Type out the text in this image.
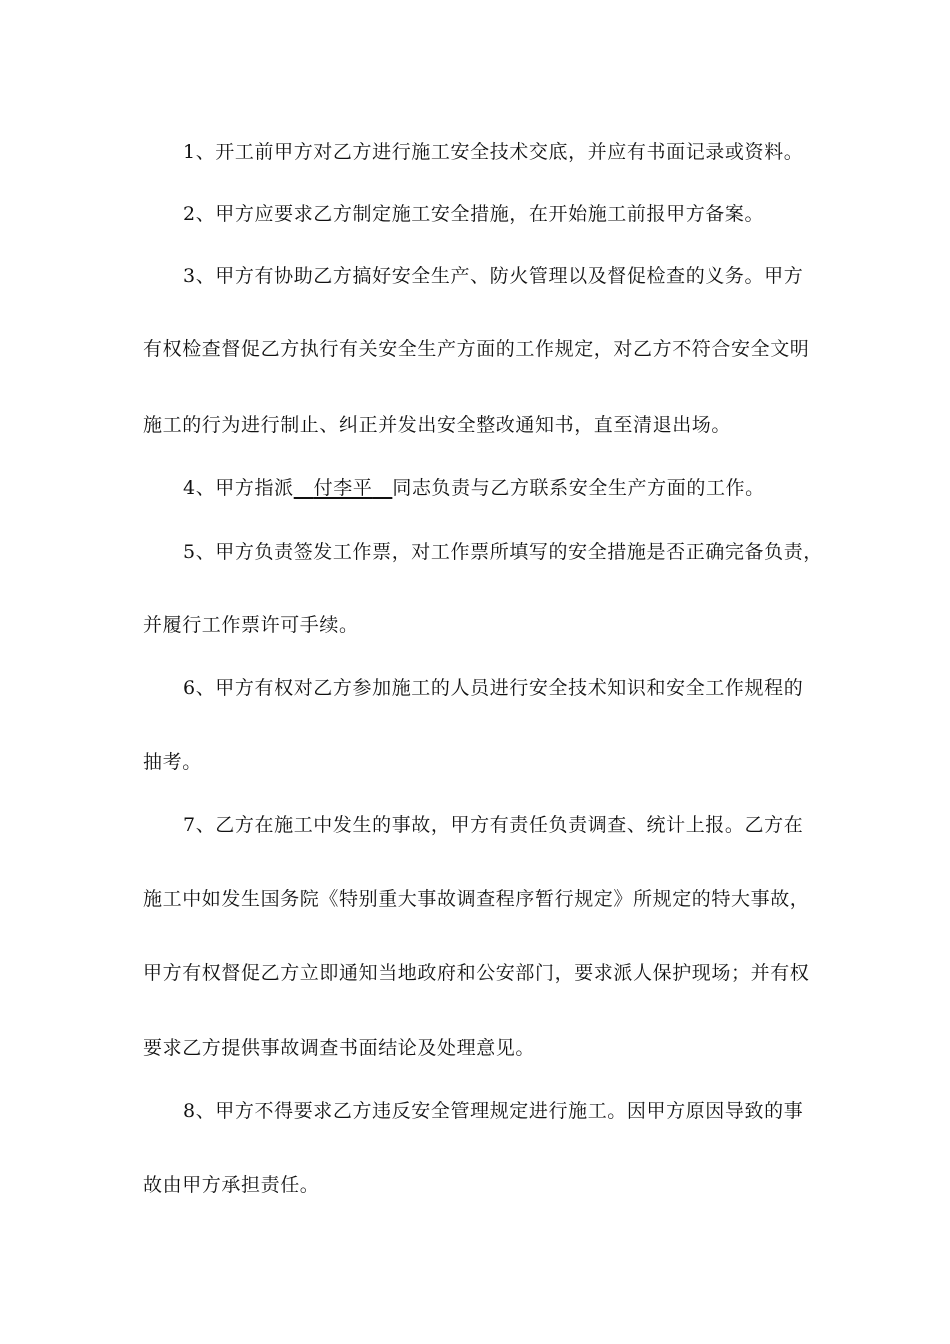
1、开工前甲方对乙方进行施工安全技术交底，并应有书面记录或资料。
2、甲方应要求乙方制定施工安全措施，在开始施工前报甲方备案。
3、甲方有协助乙方搞好安全生产、防火管理以及督促检查的义务。甲方
有权检查督促乙方执行有关安全生产方面的工作规定，对乙方不符合安全文明
施工的行为进行制止、纠正并发出安全整改通知书，直至清退出场。
4、甲方指派 付李平 同志负责与乙方联系安全生产方面的工作。
5、甲方负责签发工作票，对工作票所填写的安全措施是否正确完备负责，
并履行工作票许可手续。
6、甲方有权对乙方参加施工的人员进行安全技术知识和安全工作规程的
抽考。
7、乙方在施工中发生的事故，甲方有责任负责调查、统计上报。乙方在
施工中如发生国务院《特别重大事故调查程序暂行规定》所规定的特大事故，
甲方有权督促乙方立即通知当地政府和公安部门，要求派人保护现场；并有权
要求乙方提供事故调查书面结论及处理意见。
8、甲方不得要求乙方违反安全管理规定进行施工。因甲方原因导致的事
故由甲方承担责任。
